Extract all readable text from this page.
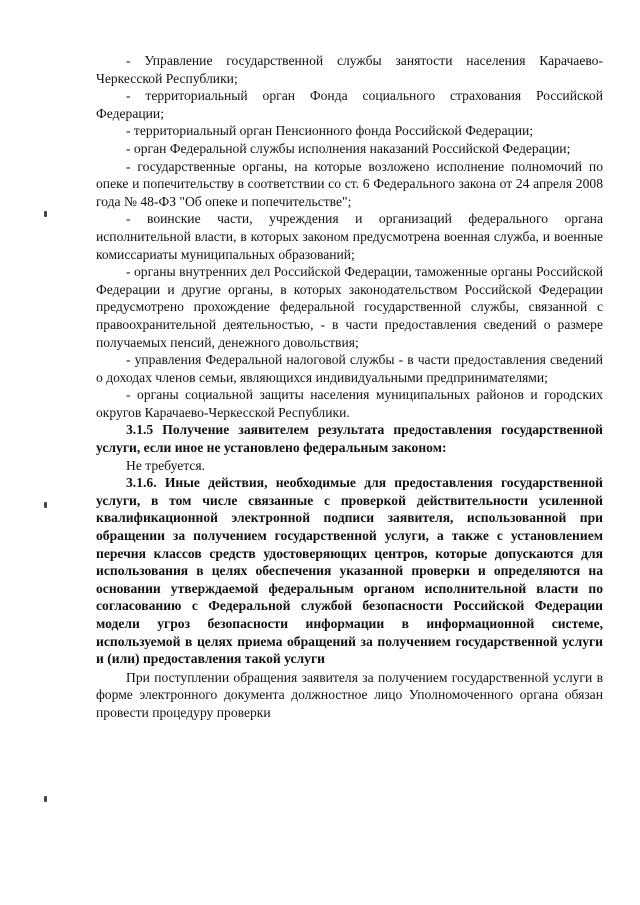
- Управление государственной службы занятости населения Карачаево-Черкесской Республики;

- территориальный орган Фонда социального страхования Российской Федерации;

- территориальный орган Пенсионного фонда Российской Федерации;

- орган Федеральной службы исполнения наказаний Российской Федерации;

- государственные органы, на которые возложено исполнение полномочий по опеке и попечительству в соответствии со ст. 6 Федерального закона от 24 апреля 2008 года № 48-ФЗ "Об опеке и попечительстве";

- воинские части, учреждения и организаций федерального органа исполнительной власти, в которых законом предусмотрена военная служба, и военные комиссариаты муниципальных образований;

- органы внутренних дел Российской Федерации, таможенные органы Российской Федерации и другие органы, в которых законодательством Российской Федерации предусмотрено прохождение федеральной государственной службы, связанной с правоохранительной деятельностью, - в части предоставления сведений о размере получаемых пенсий, денежного довольствия;

- управления Федеральной налоговой службы - в части предоставления сведений о доходах членов семьи, являющихся индивидуальными предпринимателями;

- органы социальной защиты населения муниципальных районов и городских округов Карачаево-Черкесской Республики.

3.1.5 Получение заявителем результата предоставления государственной услуги, если иное не установлено федеральным законом:

Не требуется.

3.1.6. Иные действия, необходимые для предоставления государственной услуги, в том числе связанные с проверкой действительности усиленной квалификационной электронной подписи заявителя, использованной при обращении за получением государственной услуги, а также с установлением перечня классов средств удостоверяющих центров, которые допускаются для использования в целях обеспечения указанной проверки и определяются на основании утверждаемой федеральным органом исполнительной власти по согласованию с Федеральной службой безопасности Российской Федерации модели угроз безопасности информации в информационной системе, используемой в целях приема обращений за получением государственной услуги и (или) предоставления такой услуги

При поступлении обращения заявителя за получением государственной услуги в форме электронного документа должностное лицо Уполномоченного органа обязан провести процедуру проверки
